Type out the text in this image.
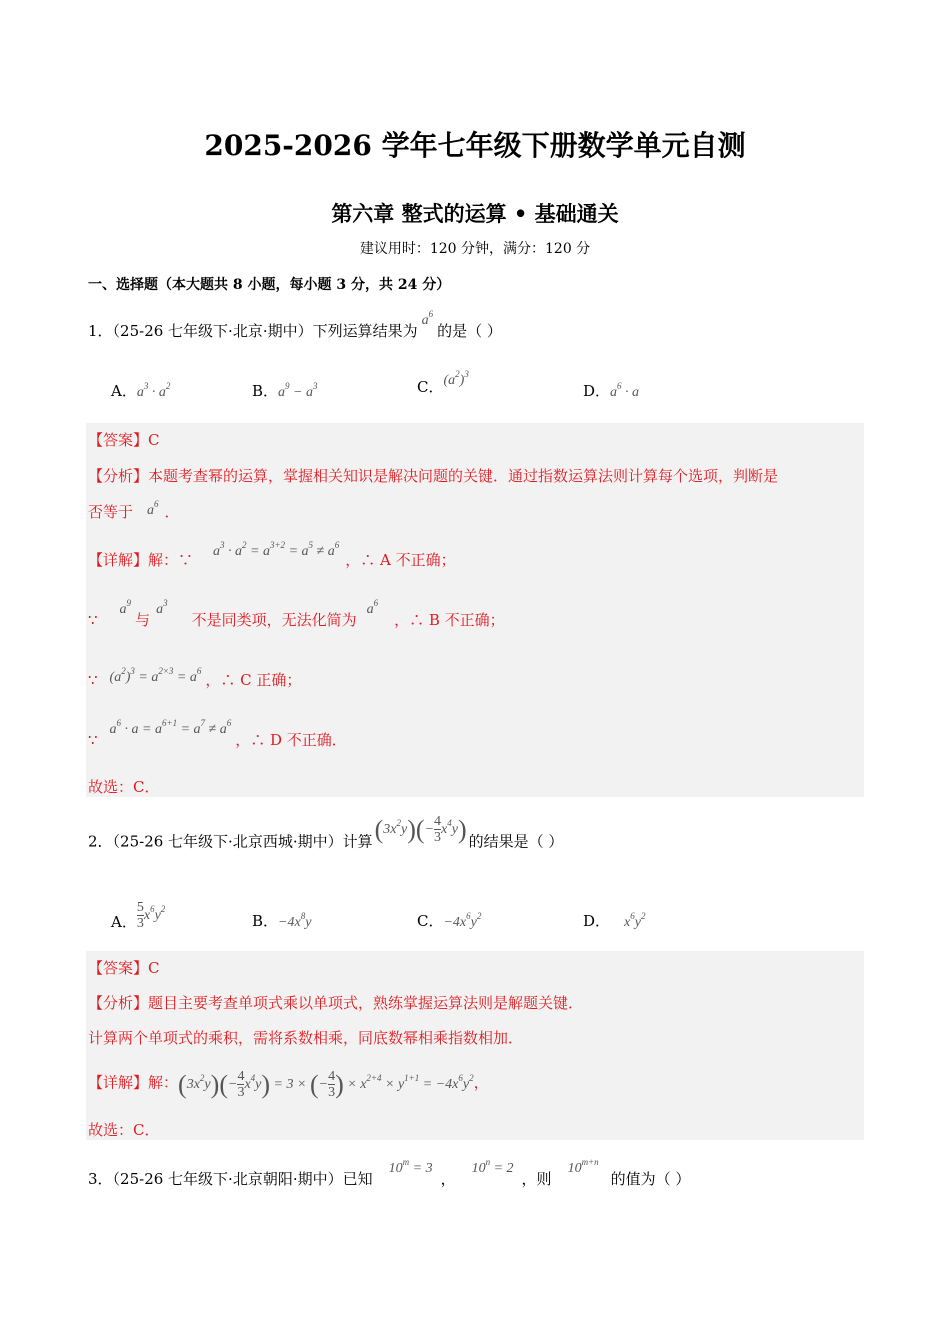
2025-2026 学年七年级下册数学单元自测
第六章 整式的运算 • 基础通关
建议用时：120 分钟，满分：120 分
一、选择题（本大题共 8 小题，每小题 3 分，共 24 分）
1．（25-26 七年级下·北京·期中）下列运算结果为$a^6$的是（ ）
A．$a^3 \cdot a^2$	B．$a^9 - a^3$	C．$(a^2)^3$
D．$a^6 \cdot a$
【答案】C
【分析】本题考查幂的运算，掌握相关知识是解决问题的关键．通过指数运算法则计算每个选项，判断是
否等于 $a^6$ ．
【详解】解：∵ $a^3 \cdot a^2 = a^{3+2} = a^5 \ne a^6$，∴ A 不正确；
$\because a^9$与$a^3$不是同类项，无法化简为$a^6$，∴ B 不正确；
∵ $(a^2)^3 = a^{2\times 3} = a^6$ ，∴ C 正确；
$\because a^6 \cdot a = a^{6+1} = a^7 \ne a^6$，∴ D 不正确．
故选：C．
2．（25-26 七年级下·北京西城·期中）计算$(3x^2y)(- \frac{4}{3} x^4y)$ 的结果是（ ）
A． $\frac{5}{3} x^6y^2$
B．$-4x^8y$	C．$-4x^6y^2$	D． $x^6y^2$
【答案】C
【分析】题目主要考查单项式乘以单项式，熟练掌握运算法则是解题关键．
计算两个单项式的乘积，需将系数相乘，同底数幂相乘指数相加．
【详解】解：$(3x^2y)(- \frac{4}{3} x^4y) = 3$ × (− $\frac{4}{3}$ ) × $x^{2+4} \times y^{1+1} = -4x^6y^2$，
故选：C．
3．（25-26 七年级下·北京朝阳·期中）已知$10^m = 3$，$10^n = 2$，则$10^{m+n}$的值为（ ）
